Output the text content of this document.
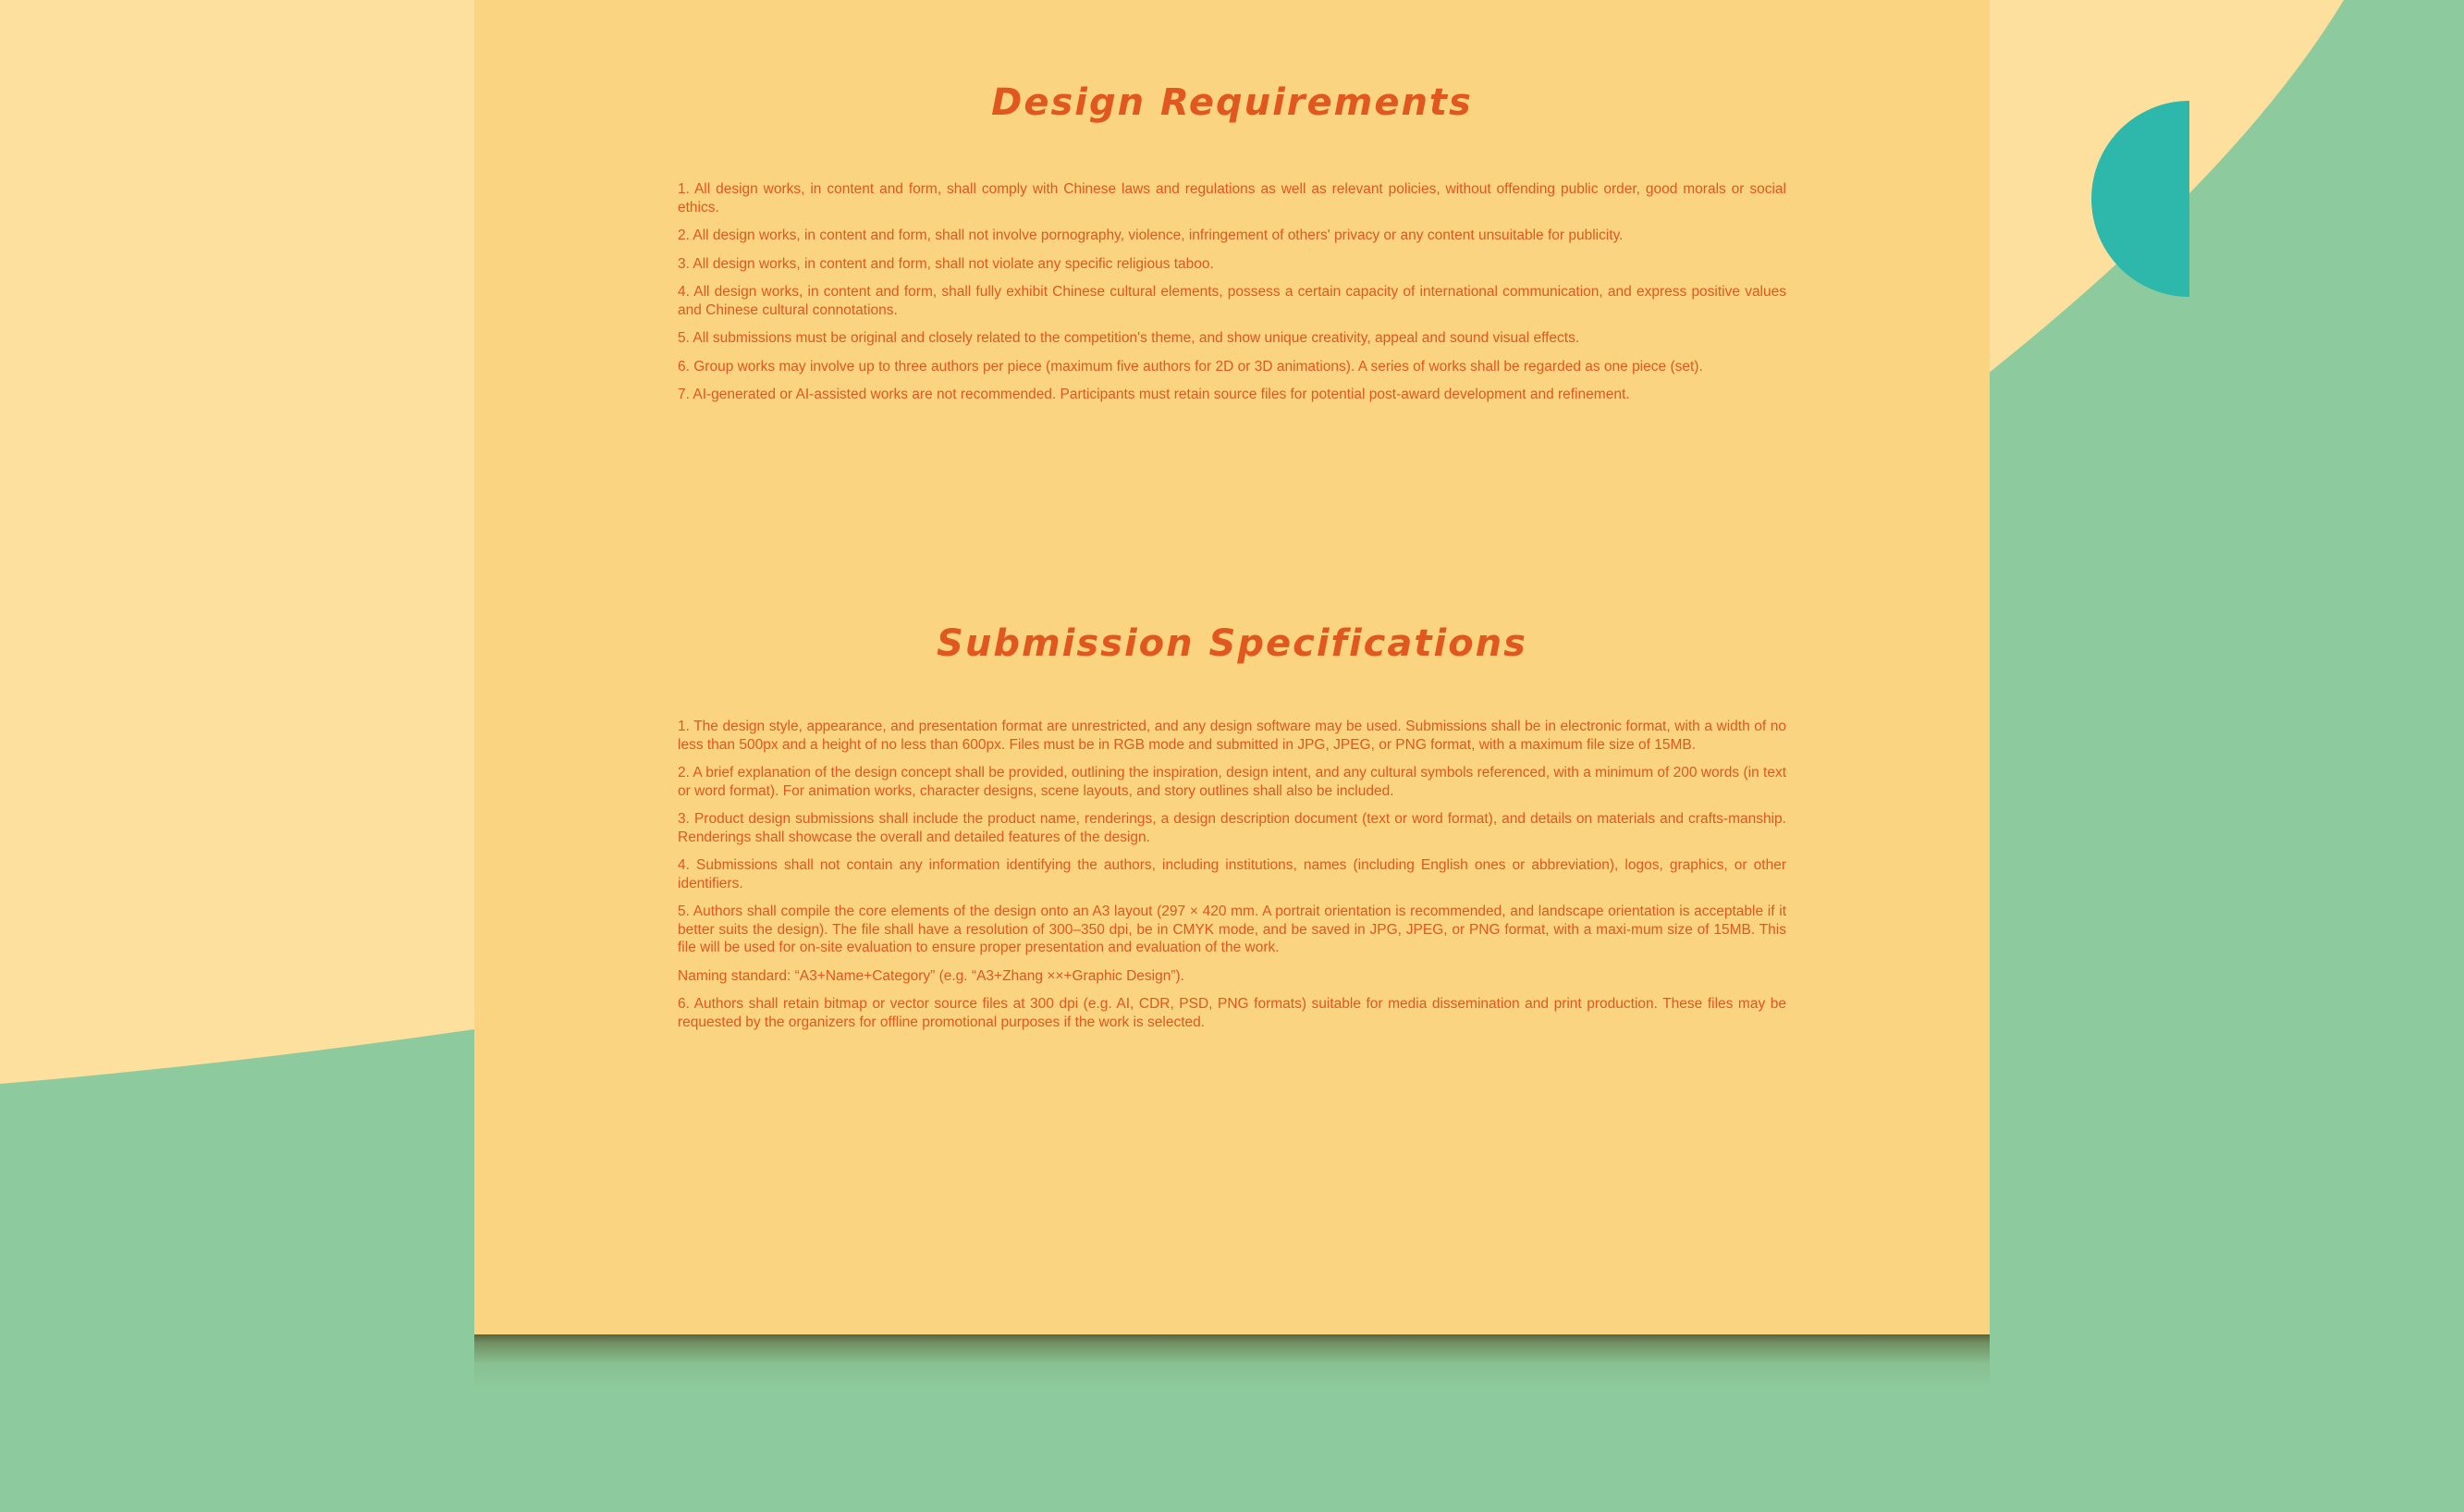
Design Requirements
1. All design works, in content and form, shall comply with Chinese laws and regulations as well as relevant policies, without offending public order, good morals or social ethics.
2. All design works, in content and form, shall not involve pornography, violence, infringement of others' privacy or any content unsuitable for publicity.
3. All design works, in content and form, shall not violate any specific religious taboo.
4. All design works, in content and form, shall fully exhibit Chinese cultural elements, possess a certain capacity of international communication, and express positive values and Chinese cultural connotations.
5. All submissions must be original and closely related to the competition's theme, and show unique creativity, appeal and sound visual effects.
6. Group works may involve up to three authors per piece (maximum five authors for 2D or 3D animations). A series of works shall be regarded as one piece (set).
7. AI-generated or AI-assisted works are not recommended. Participants must retain source files for potential post-award development and refinement.
Submission Specifications
1. The design style, appearance, and presentation format are unrestricted, and any design software may be used. Submissions shall be in electronic format, with a width of no less than 500px and a height of no less than 600px. Files must be in RGB mode and submitted in JPG, JPEG, or PNG format, with a maximum file size of 15MB.
2. A brief explanation of the design concept shall be provided, outlining the inspiration, design intent, and any cultural symbols referenced, with a minimum of 200 words (in text or word format). For animation works, character designs, scene layouts, and story outlines shall also be included.
3. Product design submissions shall include the product name, renderings, a design description document (text or word format), and details on materials and crafts-manship. Renderings shall showcase the overall and detailed features of the design.
4. Submissions shall not contain any information identifying the authors, including institutions, names (including English ones or abbreviation), logos, graphics, or other identifiers.
5. Authors shall compile the core elements of the design onto an A3 layout (297 × 420 mm. A portrait orientation is recommended, and landscape orientation is acceptable if it better suits the design). The file shall have a resolution of 300–350 dpi, be in CMYK mode, and be saved in JPG, JPEG, or PNG format, with a maxi-mum size of 15MB. This file will be used for on-site evaluation to ensure proper presentation and evaluation of the work.
Naming standard: “A3+Name+Category” (e.g. “A3+Zhang ××+Graphic Design”).
6. Authors shall retain bitmap or vector source files at 300 dpi (e.g. AI, CDR, PSD, PNG formats) suitable for media dissemination and print production. These files may be requested by the organizers for offline promotional purposes if the work is selected.
